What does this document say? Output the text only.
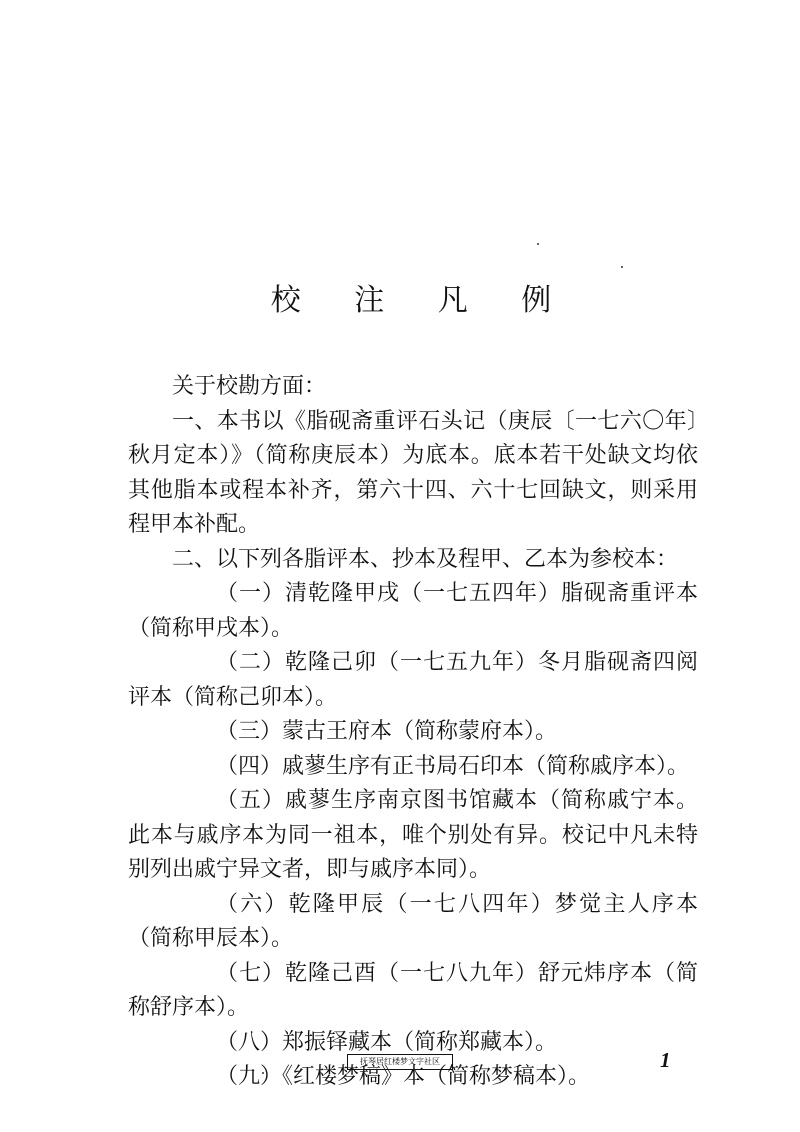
校 注 凡 例

关于校勘方面：

一、本书以《脂砚斋重评石头记（庚辰〔一七六〇年〕秋月定本）》（简称庚辰本）为底本。底本若干处缺文均依其他脂本或程本补齐，第六十四、六十七回缺文，则采用程甲本补配。

二、以下列各脂评本、抄本及程甲、乙本为参校本：

（一）清乾隆甲戌（一七五四年）脂砚斋重评本（简称甲戌本）。

（二）乾隆己卯（一七五九年）冬月脂砚斋四阅评本（简称己卯本）。

（三）蒙古王府本（简称蒙府本）。

（四）戚蓼生序有正书局石印本（简称戚序本）。

（五）戚蓼生序南京图书馆藏本（简称戚宁本。此本与戚序本为同一祖本，唯个别处有异。校记中凡未特别列出戚宁异文者，即与戚序本同）。

（六）乾隆甲辰（一七八四年）梦觉主人序本（简称甲辰本）。

（七）乾隆己酉（一七八九年）舒元炜序本（简称舒序本）。

（八）郑振铎藏本（简称郑藏本）。

（九）《红楼梦稿》本（简称梦稿本）。

抚琴居红楼梦文字社区	1
